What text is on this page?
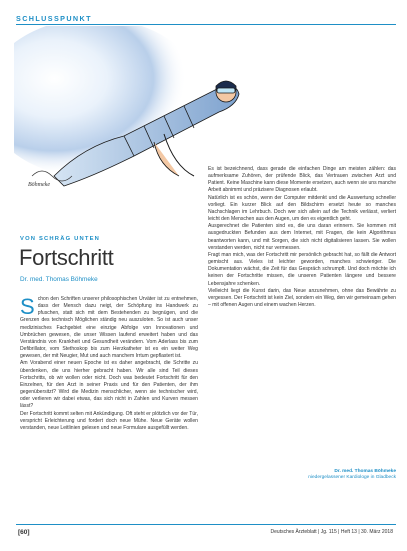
SCHLUSSPUNKT
Böhmeke
VON SCHRÄG UNTEN
Fortschritt
Dr. med. Thomas Böhmeke
S chon den Schriften unserer philosophischen Urväter ist zu entnehmen, dass der Mensch dazu neigt, der Schöpfung ins Handwerk zu pfuschen, statt sich mit dem Bestehenden zu begnügen, und die Grenzen des technisch Möglichen ständig neu auszuloten. So ist auch unser medizinisches Fachgebiet eine einzige Abfolge von Innovationen und Umbrüchen gewesen, die unser Wissen laufend erweitert haben und das Verständnis von Krankheit und Gesundheit verändern. Vom Aderlass bis zum Defibrillator, vom Stethoskop bis zum Herzkatheter ist es ein weiter Weg gewesen, der mit Neugier, Mut und auch manchem Irrtum gepflastert ist.

Am Vorabend einer neuen Epoche ist es daher angebracht, die Schritte zu überdenken, die uns hierher gebracht haben. Wir alle sind Teil dieses Fortschritts, ob wir wollen oder nicht. Doch was bedeutet Fortschritt für den Einzelnen, für den Arzt in seiner Praxis und für den Patienten, der ihm gegenübersitzt? Wird die Medizin menschlicher, wenn sie technischer wird, oder verlieren wir dabei etwas, das sich nicht in Zahlen und Kurven messen lässt?

Der Fortschritt kommt selten mit Ankündigung. Oft steht er plötzlich vor der Tür, verspricht Erleichterung und fordert doch neue Mühe. Neue Geräte wollen verstanden, neue Leitlinien gelesen und neue Formulare ausgefüllt werden.

Es ist bezeichnend, dass gerade die einfachen Dinge am meisten zählen: das aufmerksame Zuhören, der prüfende Blick, das Vertrauen zwischen Arzt und Patient. Keine Maschine kann diese Momente ersetzen, auch wenn sie uns manche Arbeit abnimmt und präzisere Diagnosen erlaubt.

Natürlich ist es schön, wenn der Computer mitdenkt und die Auswertung schneller vorliegt. Ein kurzer Blick auf den Bildschirm ersetzt heute so manches Nachschlagen im Lehrbuch. Doch wer sich allein auf die Technik verlässt, verliert leicht den Menschen aus den Augen, um den es eigentlich geht.

Ausgerechnet die Patienten sind es, die uns daran erinnern. Sie kommen mit ausgedruckten Befunden aus dem Internet, mit Fragen, die kein Algorithmus beantworten kann, und mit Sorgen, die sich nicht digitalisieren lassen. Sie wollen verstanden werden, nicht nur vermessen.

Fragt man mich, was der Fortschritt mir persönlich gebracht hat, so fällt die Antwort gemischt aus. Vieles ist leichter geworden, manches schwieriger. Die Dokumentation wächst, die Zeit für das Gespräch schrumpft. Und doch möchte ich keinen der Fortschritte missen, die unseren Patienten längere und bessere Lebensjahre schenken.

Vielleicht liegt die Kunst darin, das Neue anzunehmen, ohne das Bewährte zu vergessen. Der Fortschritt ist kein Ziel, sondern ein Weg, den wir gemeinsam gehen – mit offenen Augen und einem wachen Herzen.

Dr. med. Thomas Böhmeke
niedergelassener Kardiologe in Gladbeck
[60]	Deutsches Ärzteblatt | Jg. 115 | Heft 13 | 30. März 2018
